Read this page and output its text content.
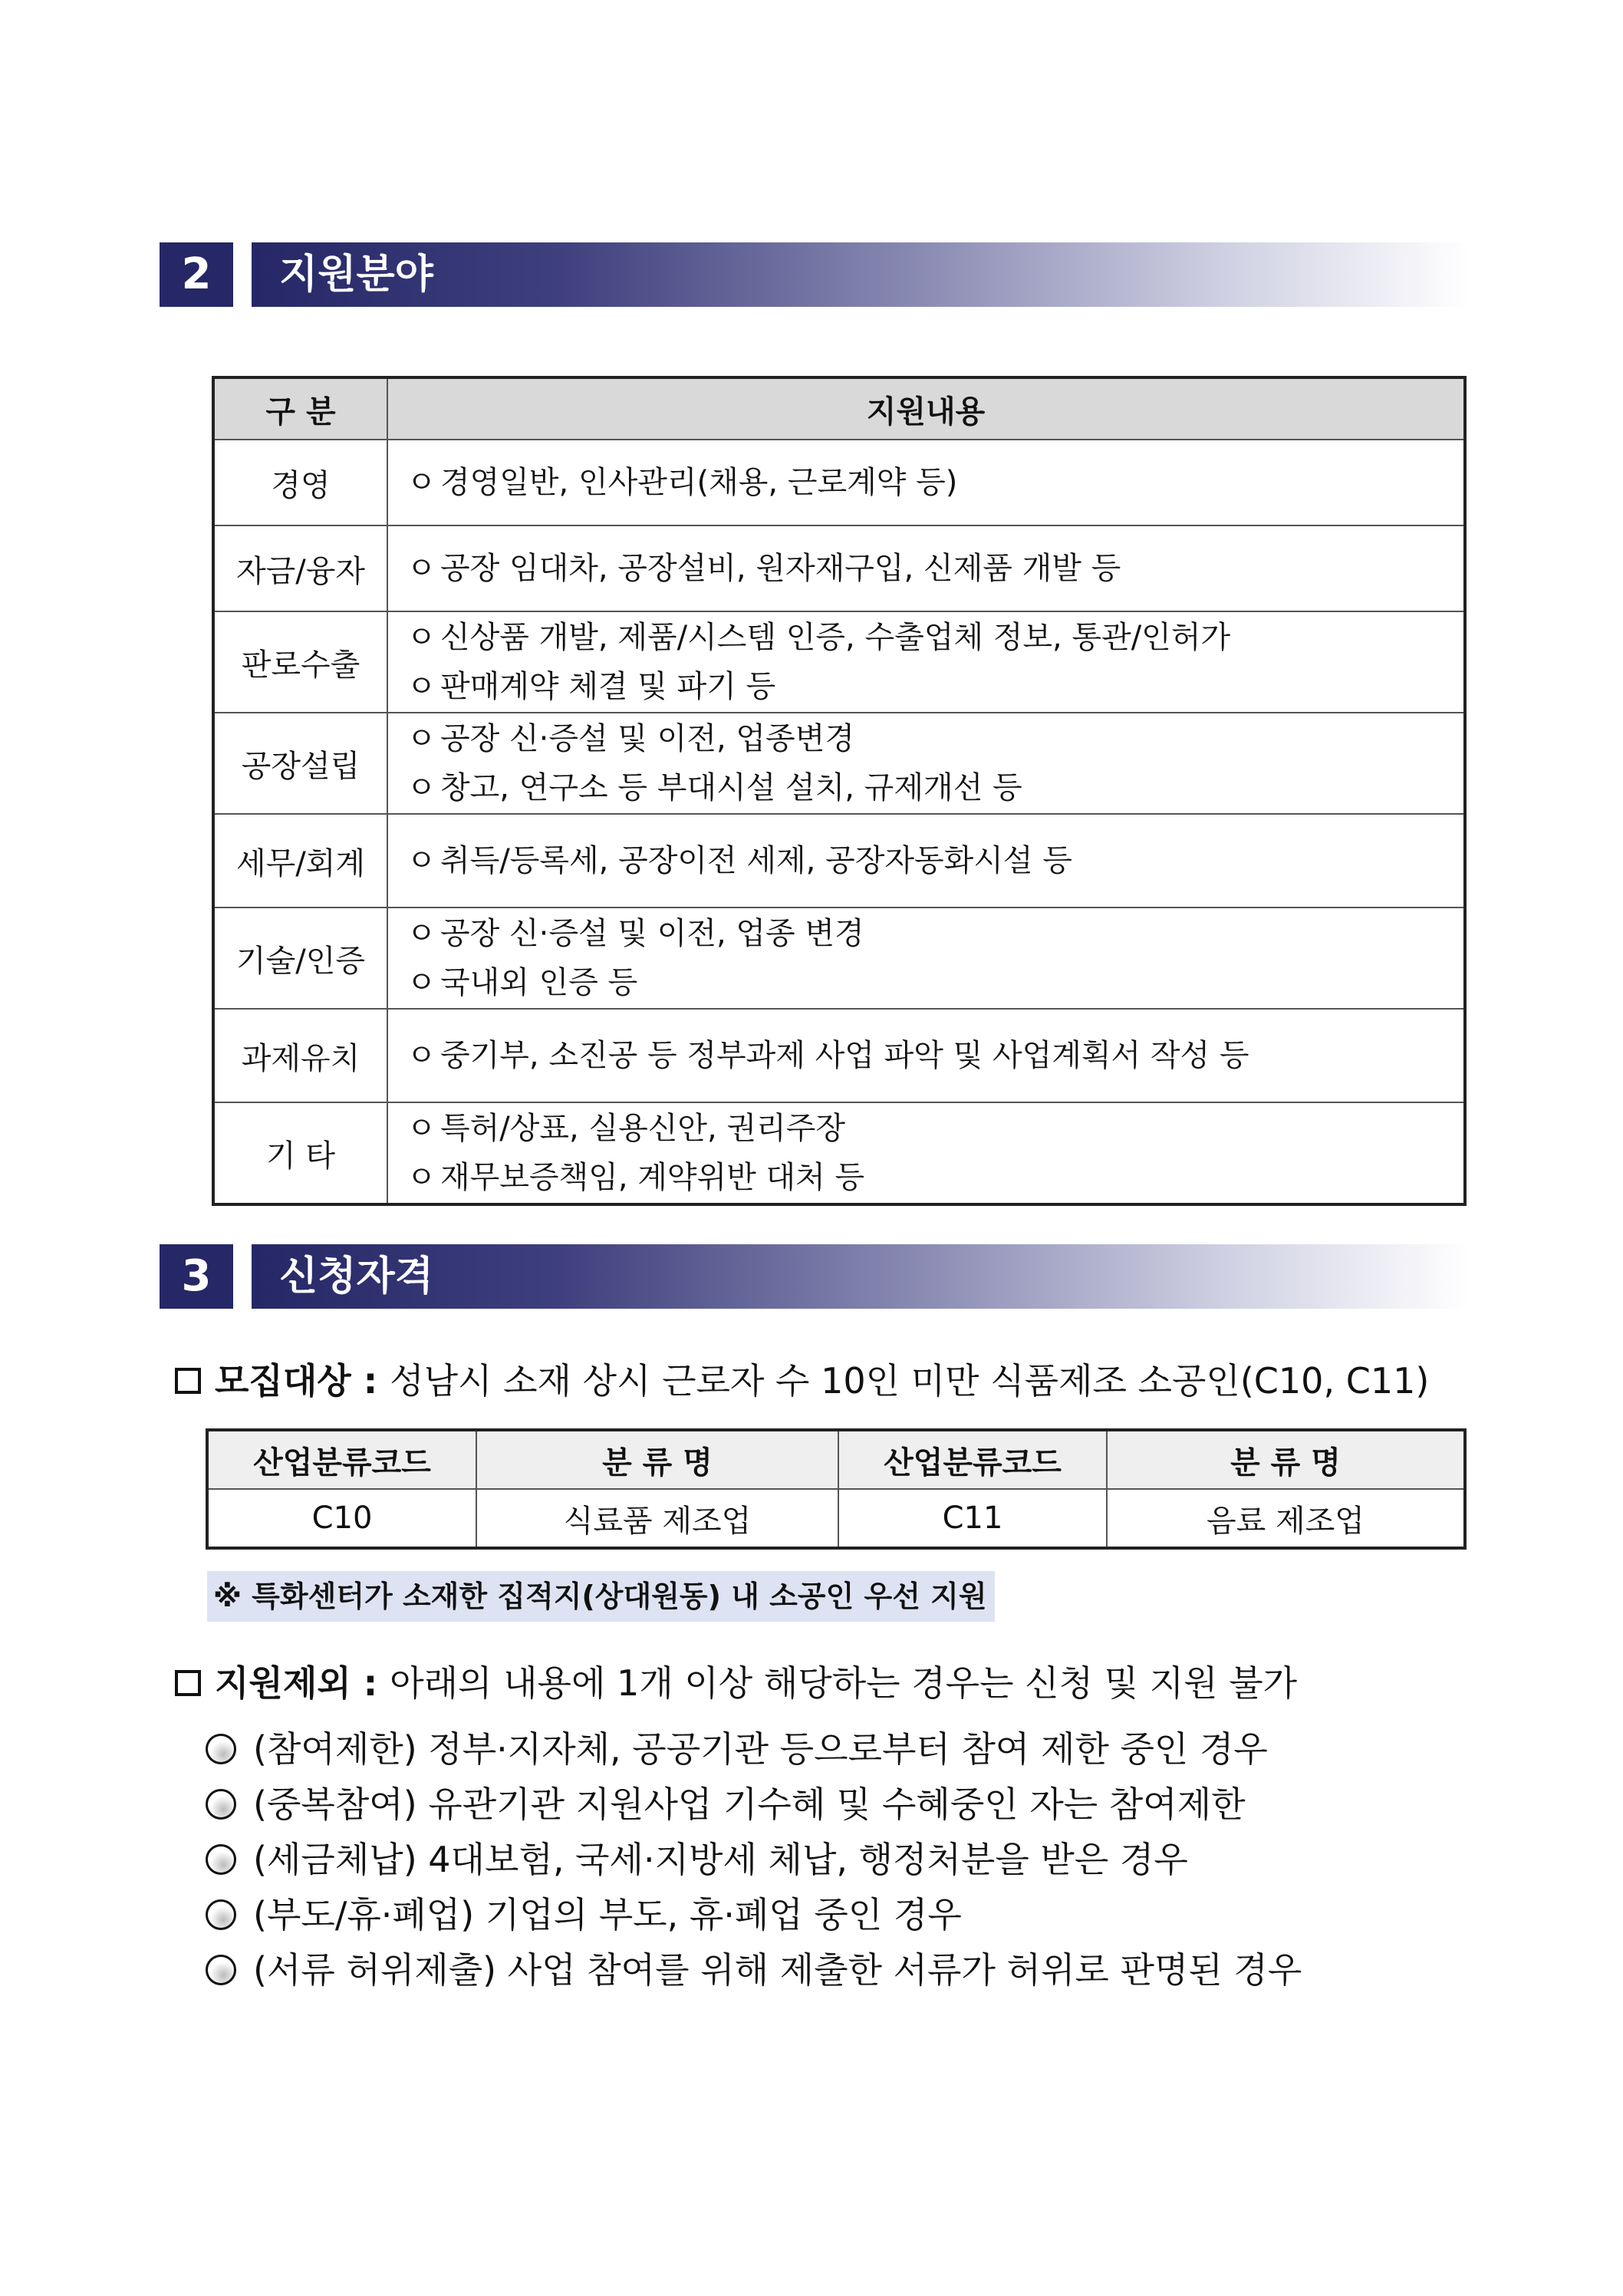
2	지원분야
구 분	지원내용
경영	ㅇ 경영일반, 인사관리(채용, 근로계약 등)

자금/융자	ㅇ 공장 임대차, 공장설비, 원자재구입, 신제품 개발 등

판로수출	ㅇ 신상품 개발, 제품/시스템 인증, 수출업체 정보, 통관/인허가
ㅇ 판매계약 체결 및 파기 등

공장설립	ㅇ 공장 신·증설 및 이전, 업종변경
ㅇ 창고, 연구소 등 부대시설 설치, 규제개선 등

세무/회계	ㅇ 취득/등록세, 공장이전 세제, 공장자동화시설 등

기술/인증	ㅇ 공장 신·증설 및 이전, 업종 변경
ㅇ 국내외 인증 등

과제유치	ㅇ 중기부, 소진공 등 정부과제 사업 파악 및 사업계획서 작성 등

기 타	ㅇ 특허/상표, 실용신안, 권리주장
ㅇ 재무보증책임, 계약위반 대처 등
3	신청자격
모집대상 : 성남시 소재 상시 근로자 수 10인 미만 식품제조 소공인(C10, C11)
산업분류코드	분 류 명	산업분류코드	분 류 명
C10	식료품 제조업	C11	음료 제조업
※ 특화센터가 소재한 집적지(상대원동) 내 소공인 우선 지원
지원제외 : 아래의 내용에 1개 이상 해당하는 경우는 신청 및 지원 불가
(참여제한) 정부·지자체, 공공기관 등으로부터 참여 제한 중인 경우
(중복참여) 유관기관 지원사업 기수혜 및 수혜중인 자는 참여제한
(세금체납) 4대보험, 국세·지방세 체납, 행정처분을 받은 경우
(부도/휴·폐업) 기업의 부도, 휴·폐업 중인 경우
(서류 허위제출) 사업 참여를 위해 제출한 서류가 허위로 판명된 경우
